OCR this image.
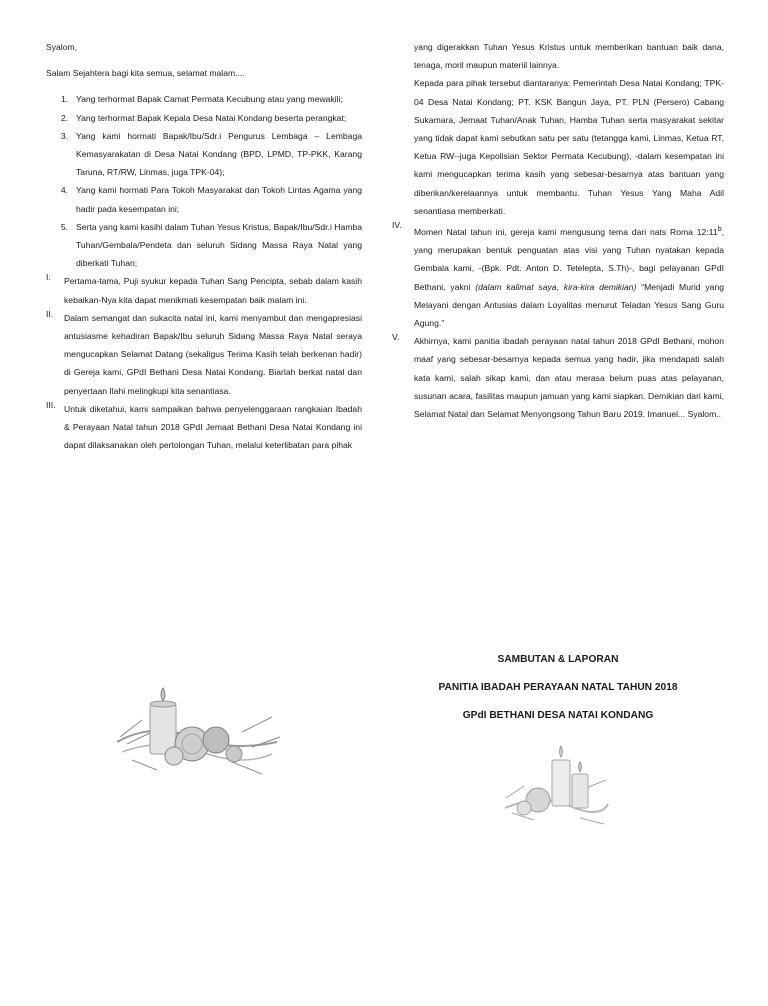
Syalom,

Salam Sejahtera bagi kita semua, selamat malam....

1. Yang terhormat Bapak Camat Permata Kecubung atau yang mewakili;
2. Yang terhormat Bapak Kepala Desa Natai Kondang beserta perangkat;
3. Yang kami hormati Bapak/Ibu/Sdr.i Pengurus Lembaga – Lembaga Kemasyarakatan di Desa Natai Kondang (BPD, LPMD, TP-PKK, Karang Taruna, RT/RW, Linmas, juga TPK-04);
4. Yang kami hormati Para Tokoh Masyarakat dan Tokoh Lintas Agama yang hadir pada kesempatan ini;
5. Serta yang kami kasihi dalam Tuhan Yesus Kristus, Bapak/Ibu/Sdr.i Hamba Tuhan/Gembala/Pendeta dan seluruh Sidang Massa Raya Natal yang diberkati Tuhan;
I.	Pertama-tama, Puji syukur kepada Tuhan Sang Pencipta, sebab dalam kasih kebaikan-Nya kita dapat menikmati kesempatan baik malam ini.
II.	Dalam semangat dan sukacita natal ini, kami menyambut dan mengapresiasi antusiasme kehadiran Bapak/Ibu seluruh Sidang Massa Raya Natal seraya mengucapkan Selamat Datang (sekaligus Terima Kasih telah berkenan hadir) di Gereja kami, GPdI Bethani Desa Natai Kondang. Biarlah berkat natal dan penyertaan Ilahi melingkupi kita senantiasa.
III. Untuk diketahui, kami sampaikan bahwa penyelenggaraan rangkaian Ibadah & Perayaan Natal tahun 2018 GPdI Jemaat Bethani Desa Natai Kondang ini dapat dilaksanakan oleh pertolongan Tuhan, melalui keterlibatan para pihak

yang digerakkan Tuhan Yesus Kristus untuk memberikan bantuan baik dana, tenaga, moril maupun materiil lainnya.

Kepada para pihak tersebut diantaranya: Pemerintah Desa Natai Kondang; TPK-04 Desa Natai Kondang; PT. KSK Bangun Jaya, PT. PLN (Persero) Cabang Sukamara, Jemaat Tuhan/Anak Tuhan, Hamba Tuhan serta masyarakat sekitar yang tidak dapat kami sebutkan satu per satu (tetangga kami, Linmas, Ketua RT, Ketua RW--juga Kepolisian Sektor Permata Kecubung), -dalam kesempatan ini kami mengucapkan terima kasih yang sebesar-besarnya atas bantuan yang diberikan/kerelaannya untuk membantu. Tuhan Yesus Yang Maha Adil senantiasa memberkati.

IV.
Momen Natal tahun ini, gereja kami mengusung tema dari nats Roma 12:11$^b$, yang merupakan bentuk penguatan atas visi yang Tuhan nyatakan kepada Gembala kami, -(Bpk. Pdt. Anton D. Tetelepta, S.Th)-, bagi pelayanan GPdI Bethani, yakni (dalam kalimat saya, kira-kira demikian) “Menjadi Murid yang Melayani dengan Antusias dalam Loyalitas menurut Teladan Yesus Sang Guru Agung.”
V.	Akhirnya, kami panitia ibadah perayaan natal tahun 2018 GPdI Bethani, mohon maaf yang sebesar-besarnya kepada semua yang hadir, jika mendapati salah kata kami, salah sikap kami, dan atau merasa belum puas atas pelayanan, susunan acara, fasilitas maupun jamuan yang kami siapkan. Demikian dari kami, Selamat Natal dan Selamat Menyongsong Tahun Baru 2019. Imanuel... Syalom..
SAMBUTAN & LAPORAN
PANITIA IBADAH PERAYAAN NATAL TAHUN 2018
GPdI BETHANI DESA NATAI KONDANG
